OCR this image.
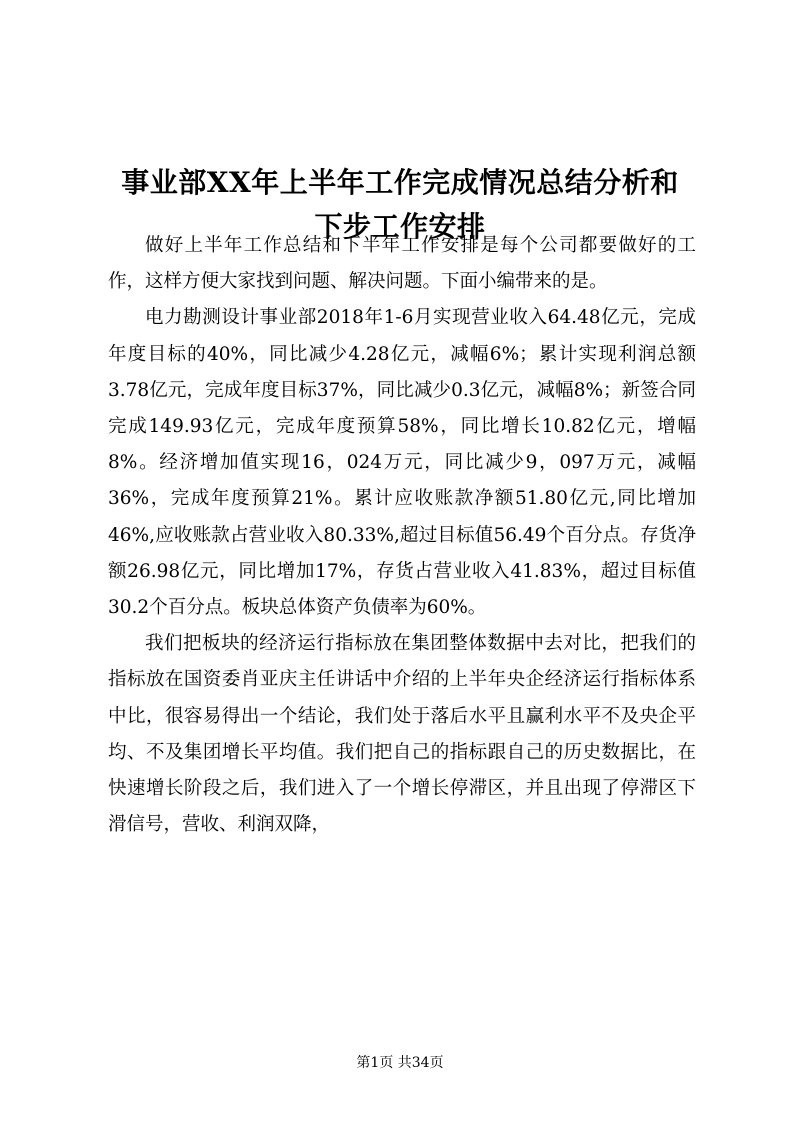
事业部XX年上半年工作完成情况总结分析和
下步工作安排

做好上半年工作总结和下半年工作安排是每个公司都要做好的工作，这样方便大家找到问题、解决问题。下面小编带来的是。

电力勘测设计事业部2018年1-6月实现营业收入64.48亿元，完成年度目标的40%，同比减少4.28亿元，减幅6%；累计实现利润总额3.78亿元，完成年度目标37%，同比减少0.3亿元，减幅8%；新签合同完成149.93亿元，完成年度预算58%，同比增长10.82亿元，增幅8%。经济增加值实现16，024万元，同比减少9，097万元，减幅36%，完成年度预算21%。累计应收账款净额51.80亿元,同比增加46%,应收账款占营业收入80.33%,超过目标值56.49个百分点。存货净额26.98亿元，同比增加17%，存货占营业收入41.83%，超过目标值30.2个百分点。板块总体资产负债率为60%。

我们把板块的经济运行指标放在集团整体数据中去对比，把我们的指标放在国资委肖亚庆主任讲话中介绍的上半年央企经济运行指标体系中比，很容易得出一个结论，我们处于落后水平且赢利水平不及央企平均、不及集团增长平均值。我们把自己的指标跟自己的历史数据比，在快速增长阶段之后，我们进入了一个增长停滞区，并且出现了停滞区下滑信号，营收、利润双降，

第1页 共34页
